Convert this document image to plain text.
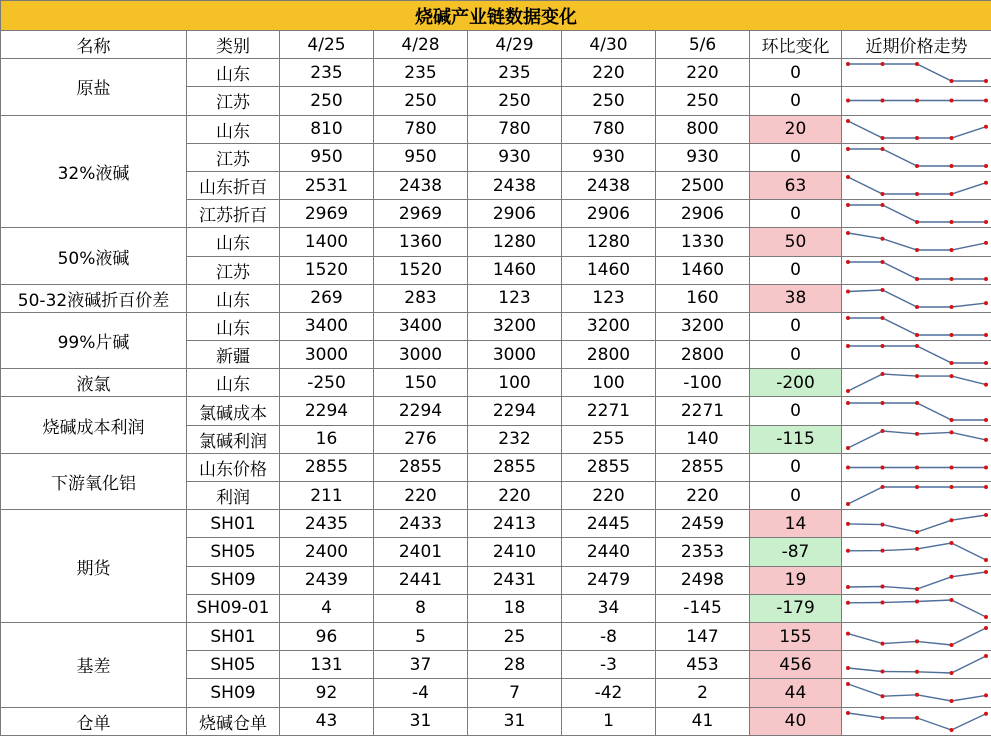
烧碱产业链数据变化								
名称	类别	4/25	4/28	4/29	4/30	5/6	环比变化	近期价格走势
原盐	山东	235	235	235	220	220	0	

	江苏	250	250	250	250	250	0	

32%液碱	山东	810	780	780	780	800	20	

	江苏	950	950	930	930	930	0	

	山东折百	2531	2438	2438	2438	2500	63	

	江苏折百	2969	2969	2906	2906	2906	0	

50%液碱	山东	1400	1360	1280	1280	1330	50	

	江苏	1520	1520	1460	1460	1460	0	

50-32液碱折百价差	山东	269	283	123	123	160	38	

99%片碱	山东	3400	3400	3200	3200	3200	0	

	新疆	3000	3000	3000	2800	2800	0	

液氯	山东	-250	150	100	100	-100	-200	

烧碱成本利润	氯碱成本	2294	2294	2294	2271	2271	0	

	氯碱利润	16	276	232	255	140	-115	

下游氧化铝	山东价格	2855	2855	2855	2855	2855	0	

	利润	211	220	220	220	220	0	

期货	SH01	2435	2433	2413	2445	2459	14	

	SH05	2400	2401	2410	2440	2353	-87	

	SH09	2439	2441	2431	2479	2498	19	

	SH09-01	4	8	18	34	-145	-179	

基差	SH01	96	5	25	-8	147	155	

	SH05	131	37	28	-3	453	456	

	SH09	92	-4	7	-42	2	44	

仓单	烧碱仓单	43	31	31	1	41	40	
